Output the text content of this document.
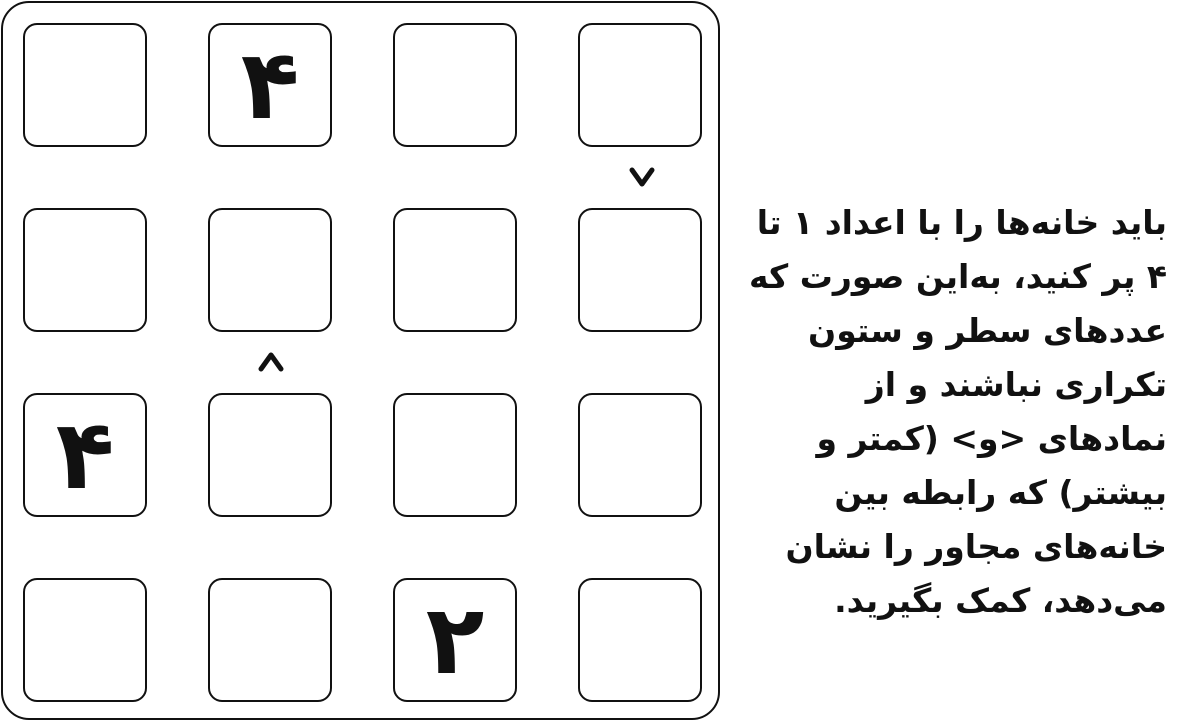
۴
۴
۲
باید خانه‌ها را با اعداد ۱ تا ۴ پر کنید، به‌این صورت که عددهای سطر و ستون تکراری نباشند و از نمادهای <و> (کمتر و بیشتر) که رابطه بین خانه‌های مجاور را نشان می‌دهد، کمک بگیرید.
